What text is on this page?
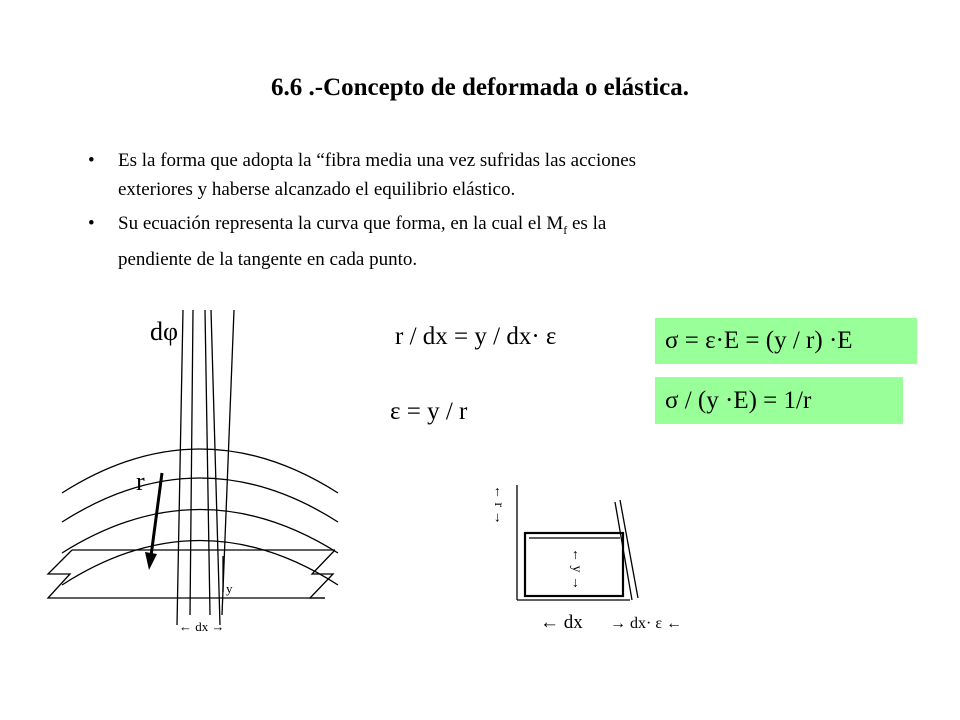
6.6 .-Concepto de deformada o elástica.
• Es la forma que adopta la “fibra media una vez sufridas las acciones
exteriores y haberse alcanzado el equilibrio elástico.
• Su ecuación representa la curva que forma, en la cual el $M_f$ es la
pendiente de la tangente en cada punto.
r / dx = y / dx· ε
ε = y / r
σ = ε·E = (y / r) ·E
σ / (y ·E) = 1/r
dφ
r
y
← dx →
← r →
← y →
← dx → dx· ε ←
